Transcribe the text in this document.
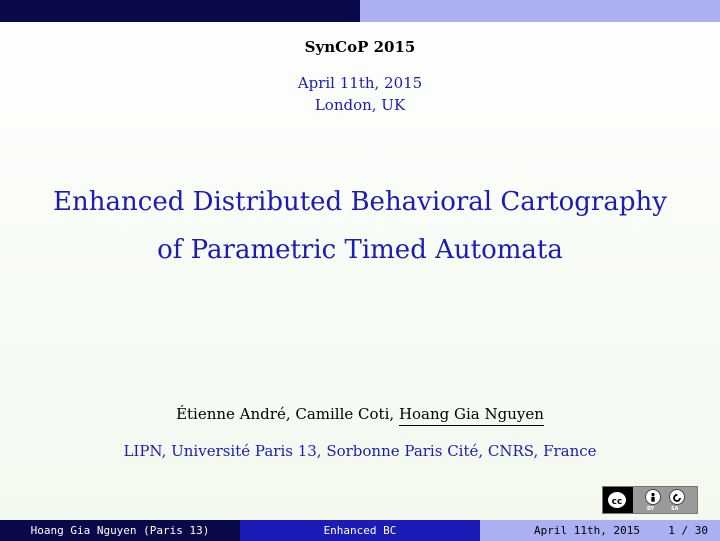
SynCoP 2015
April 11th, 2015
London, UK
Enhanced Distributed Behavioral Cartography
of Parametric Timed Automata
Étienne André, Camille Coti, Hoang Gia Nguyen
LIPN, Université Paris 13, Sorbonne Paris Cité, CNRS, France
cc
BY	SA
Hoang Gia Nguyen (Paris 13)	Enhanced BC	April 11th, 2015	1 / 30
